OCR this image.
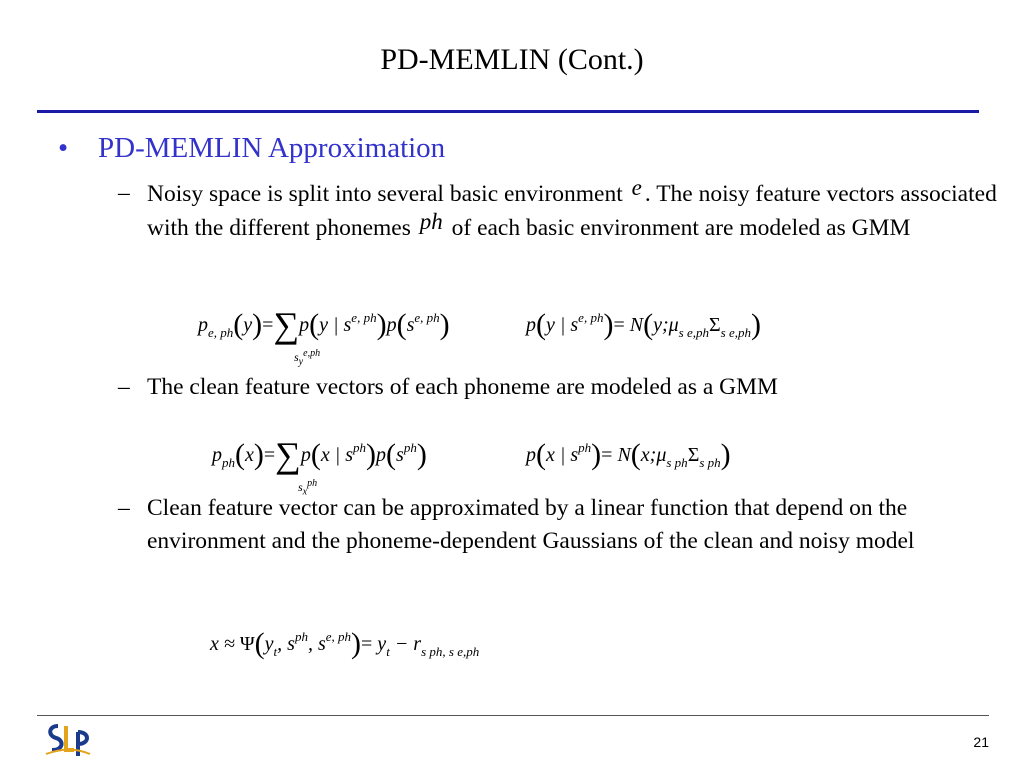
PD-MEMLIN (Cont.)
• PD-MEMLIN Approximation
– Noisy space is split into several basic environment e . The noisy feature vectors associated with the different phonemes ph of each basic environment are modeled as GMM
$p_{e, ph}(y)=\sum p(y$ | $s^{e, ph})p(s^{e, ph})$
$s_y^{e,ph}$
p(y | $s^{e, ph})=$ $N(y;\mu_{s e,ph}\Sigma_{s e,ph})$
– The clean feature vectors of each phoneme are modeled as a GMM
$p_{ph}(x)=\sum p(x$ | $s^{ph})p(s^{ph})$
$s_x^{ph}$
p(x | $s^{ph})=$ $N(x;\mu_{s ph}\Sigma_{s ph})$
– Clean feature vector can be approximated by a linear function that depend on the environment and the phoneme-dependent Gaussians of the clean and noisy model
$x \approx \Psi(y_t$, $s^{ph}$, $s^{e, ph})= y_t - r_{s ph, s e,ph}$
21
